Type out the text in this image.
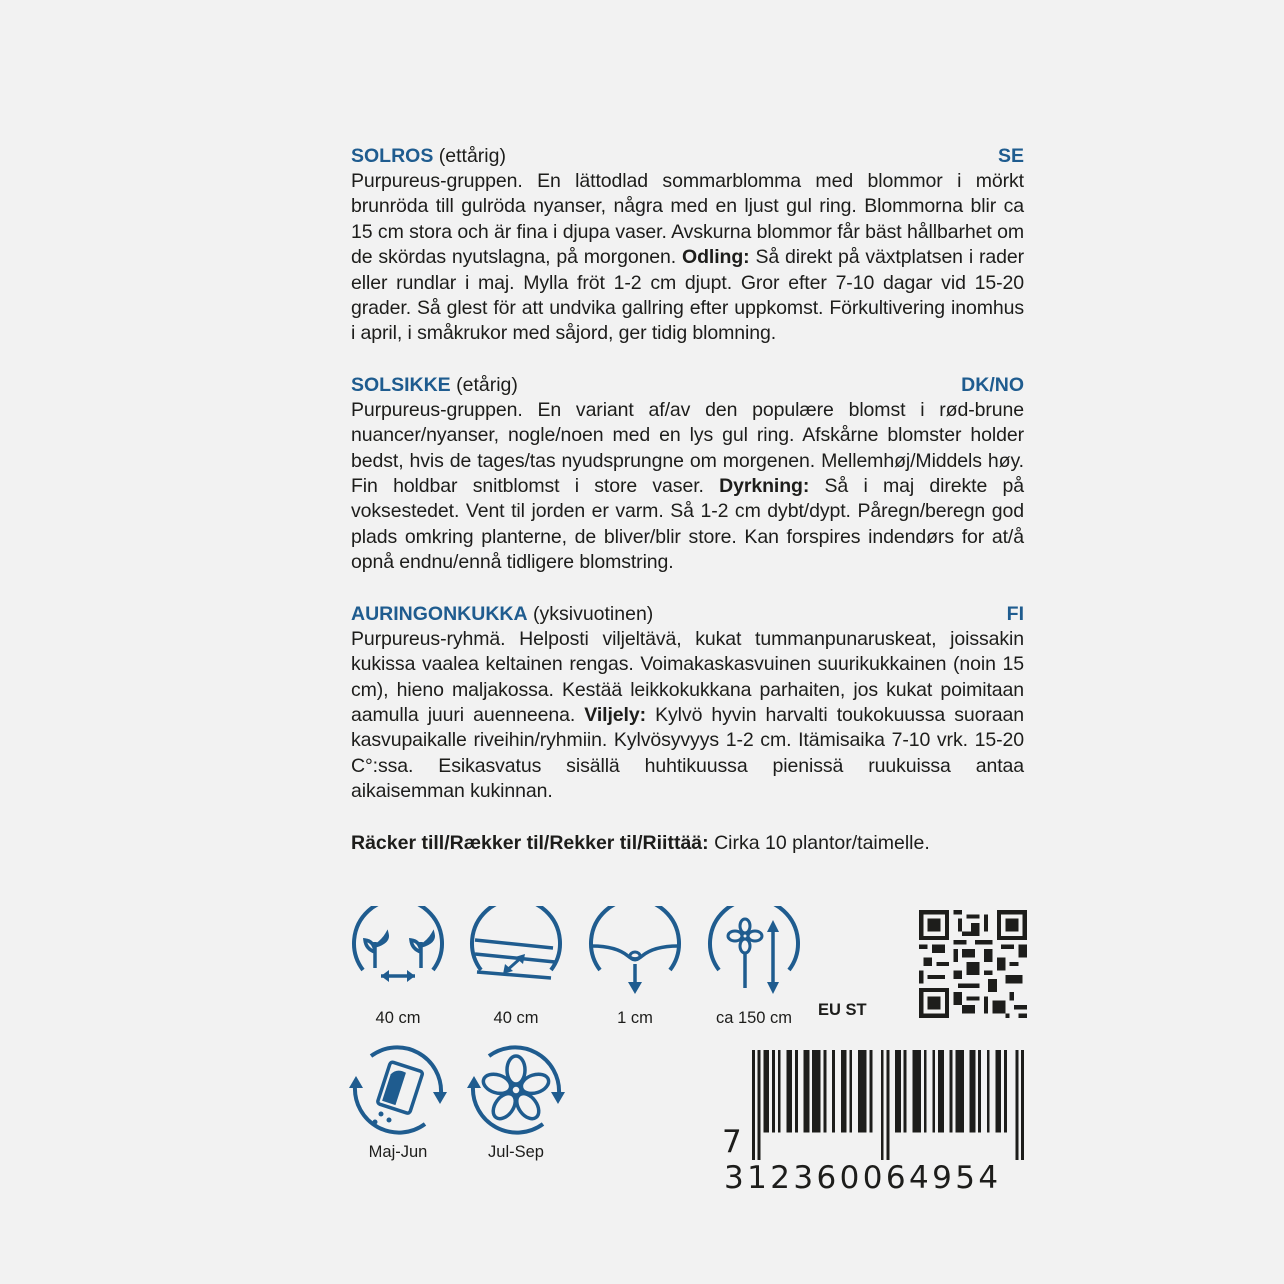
SOLROS (ettårig)	SE

Purpureus-gruppen. En lättodlad sommarblomma med blommor i mörkt brunröda till gulröda nyanser, några med en ljust gul ring. Blommorna blir ca 15 cm stora och är fina i djupa vaser. Avskurna blommor får bäst hållbarhet om de skördas nyutslagna, på morgonen. Odling: Så direkt på växtplatsen i rader eller rundlar i maj. Mylla fröt 1-2 cm djupt. Gror efter 7-10 dagar vid 15-20 grader. Så glest för att undvika gallring efter uppkomst. Förkultivering inomhus i april, i småkrukor med såjord, ger tidig blomning.

SOLSIKKE (etårig)	DK/NO

Purpureus-gruppen. En variant af/av den populære blomst i rød-brune nuancer/nyanser, nogle/noen med en lys gul ring. Afskårne blomster holder bedst, hvis de tages/tas nyudsprungne om morgenen. Mellemhøj/Middels høy. Fin holdbar snitblomst i store vaser. Dyrkning: Så i maj direkte på voksestedet. Vent til jorden er varm. Så 1-2 cm dybt/dypt. Påregn/beregn god plads omkring planterne, de bliver/blir store. Kan forspires indendørs for at/å opnå endnu/ennå tidligere blomstring.

AURINGONKUKKA (yksivuotinen)	FI

Purpureus-ryhmä. Helposti viljeltävä, kukat tummanpunaruskeat, joissakin kukissa vaalea keltainen rengas. Voimakaskasvuinen suurikukkainen (noin 15 cm), hieno maljakossa. Kestää leikkokukkana parhaiten, jos kukat poimitaan aamulla juuri auenneena. Viljely: Kylvö hyvin harvalti toukokuussa suoraan kasvupaikalle riveihin/ryhmiin. Kylvösyvyys 1-2 cm. Itämisaika 7-10 vrk. 15-20 C°:ssa. Esikasvatus sisällä huhtikuussa pienissä ruukuissa antaa aikaisemman kukinnan.

Räcker till/Rækker til/Rekker til/Riittää: Cirka 10 plantor/taimelle.
40 cm	40 cm	1 cm	ca 150 cm	EU ST
Maj-Jun	Jul-Sep	7312360064954
